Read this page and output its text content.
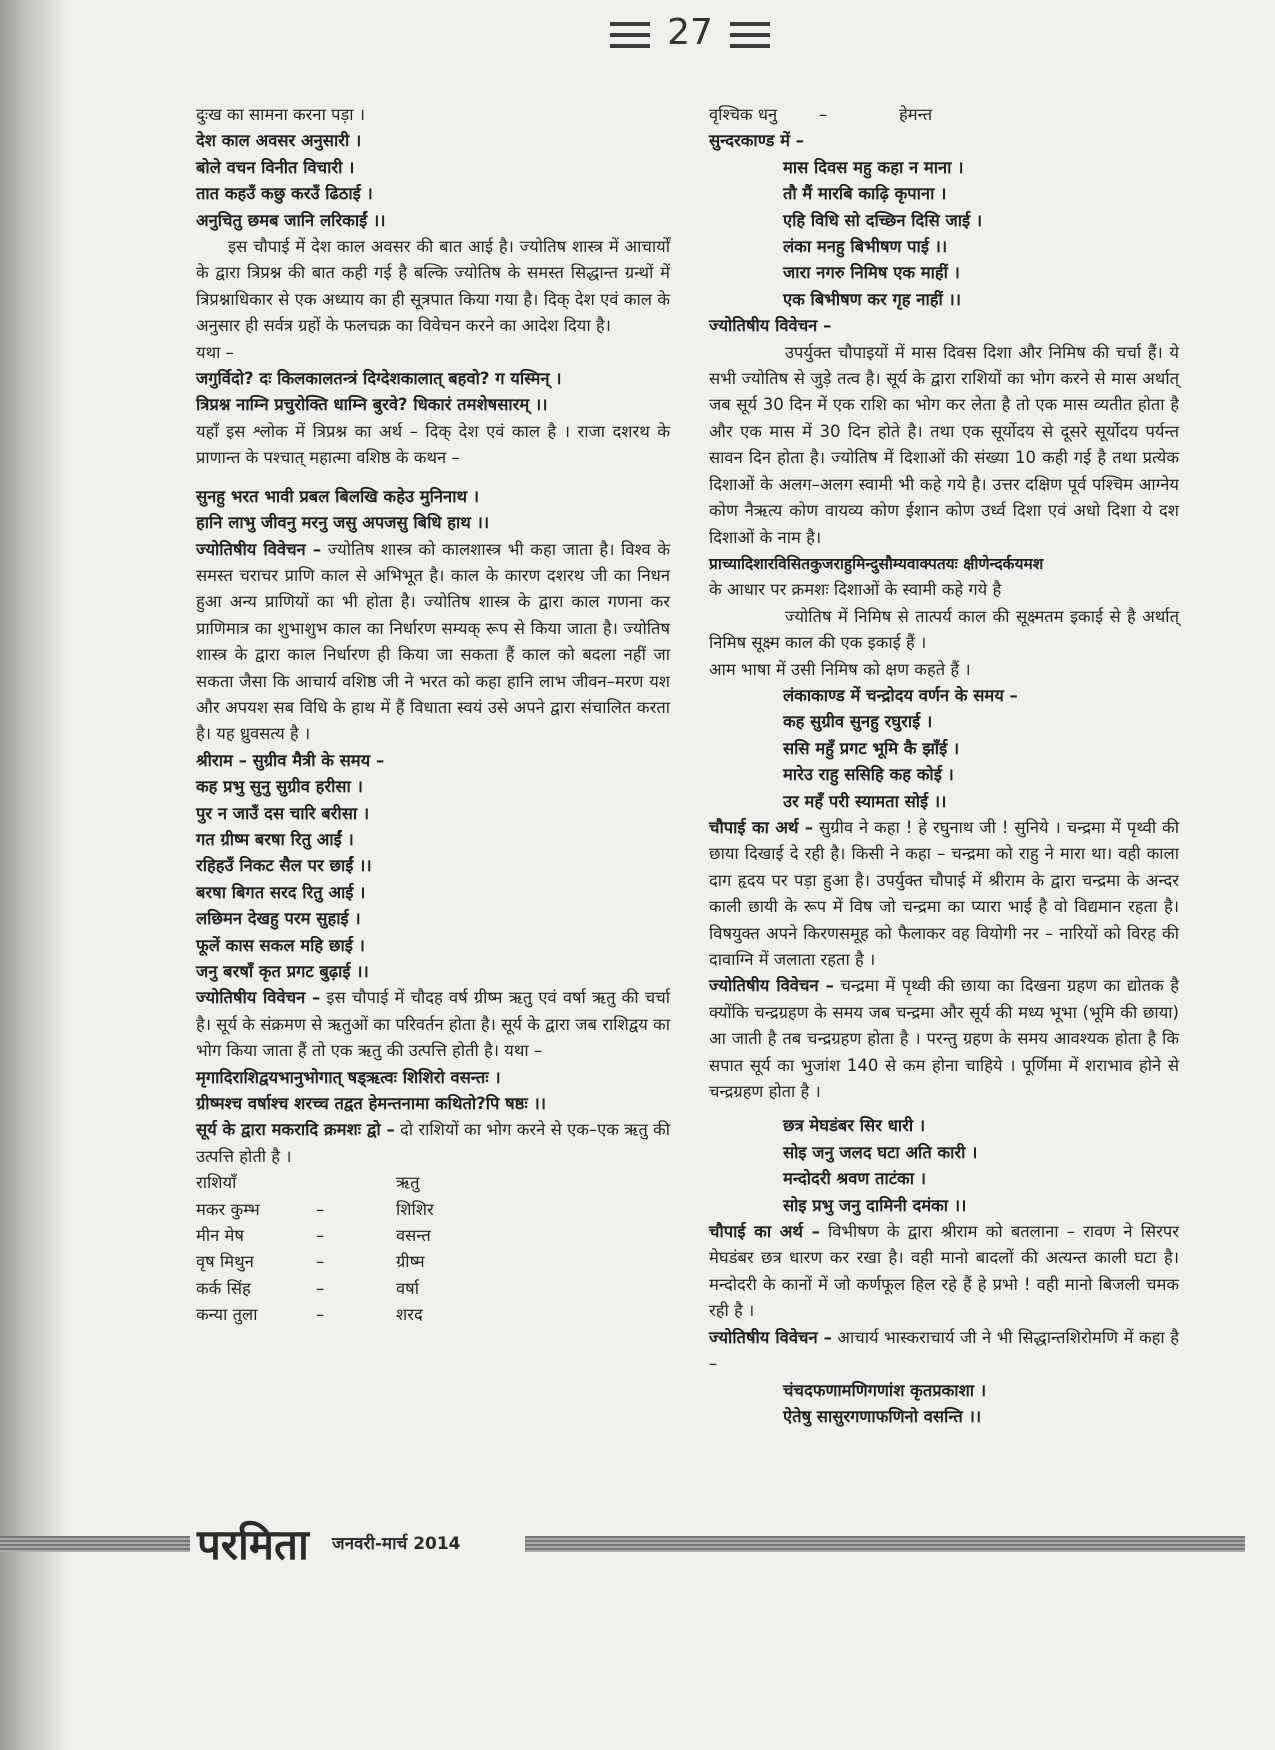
27

दुःख का सामना करना पड़ा ।

देश काल अवसर अनुसारी ।

बोले वचन विनीत विचारी ।

तात कहउँ कछु करउँ ढिठाई ।

अनुचितु छमब जानि लरिकाईं ।।

इस चौपाई में देश काल अवसर की बात आई है। ज्योतिष शास्त्र में आचार्यों के द्वारा त्रिप्रश्न की बात कही गई है बल्कि ज्योतिष के समस्त सिद्धान्त ग्रन्थों में त्रिप्रश्नाधिकार से एक अध्याय का ही सूत्रपात किया गया है। दिक् देश एवं काल के अनुसार ही सर्वत्र ग्रहों के फलचक्र का विवेचन करने का आदेश दिया है।

यथा –

जगुर्विदो? दः किलकालतन्त्रं दिग्देशकालात् बहवो? ग यस्मिन् ।

त्रिप्रश्न नाम्नि प्रचुरोक्ति धाम्नि बुरवे? धिकारं तमशेषसारम् ।।

यहाँ इस श्लोक में त्रिप्रश्न का अर्थ – दिक् देश एवं काल है । राजा दशरथ के प्राणान्त के पश्चात् महात्मा वशिष्ठ के कथन –

सुनहु भरत भावी प्रबल बिलखि कहेउ मुनिनाथ ।

हानि लाभु जीवनु मरनु जसु अपजसु बिधि हाथ ।।

ज्योतिषीय विवेचन – ज्योतिष शास्त्र को कालशास्त्र भी कहा जाता है। विश्व के समस्त चराचर प्राणि काल से अभिभूत है। काल के कारण दशरथ जी का निधन हुआ अन्य प्राणियों का भी होता है। ज्योतिष शास्त्र के द्वारा काल गणना कर प्राणिमात्र का शुभाशुभ काल का निर्धारण सम्यक् रूप से किया जाता है। ज्योतिष शास्त्र के द्वारा काल निर्धारण ही किया जा सकता हैं काल को बदला नहीं जा सकता जैसा कि आचार्य वशिष्ठ जी ने भरत को कहा हानि लाभ जीवन–मरण यश और अपयश सब विधि के हाथ में हैं विधाता स्वयं उसे अपने द्वारा संचालित करता है। यह ध्रुवसत्य है ।

श्रीराम – सुग्रीव मैत्री के समय –

कह प्रभु सुनु सुग्रीव हरीसा ।

पुर न जाउँ दस चारि बरीसा ।

गत ग्रीष्म बरषा रितु आईं ।

रहिहउँ निकट सैल पर छाईं ।।

बरषा बिगत सरद रितु आई ।

लछिमन देखहु परम सुहाई ।

फूलें कास सकल महि छाई ।

जनु बरषाँ कृत प्रगट बुढ़ाई ।।

ज्योतिषीय विवेचन – इस चौपाई में चौदह वर्ष ग्रीष्म ऋतु एवं वर्षा ऋतु की चर्चा है। सूर्य के संक्रमण से ऋतुओं का परिवर्तन होता है। सूर्य के द्वारा जब राशिद्वय का भोग किया जाता हैं तो एक ऋतु की उत्पत्ति होती है। यथा –

मृगादिराशिद्वयभानुभोगात् षड्ऋत्वः शिशिरो वसन्तः ।

ग्रीष्मश्च वर्षाश्च शरच्च तद्वत हेमन्तनामा कथितो?पि षष्ठः ।।

सूर्य के द्वारा मकरादि क्रमशः द्वो – दो राशियों का भोग करने से एक–एक ऋतु की उत्पत्ति होती है ।

राशियाँ	ऋतु
मकर कुम्भ	–	शिशिर
मीन मेष	–	वसन्त
वृष मिथुन	–	ग्रीष्म
कर्क सिंह	–	वर्षा
कन्या तुला	–	शरद
वृश्चिक धनु	–	हेमन्त

सुन्दरकाण्ड में –

मास दिवस महु कहा न माना ।

तौ मैं मारबि काढ़ि कृपाना ।

एहि विधि सो दच्छिन दिसि जाई ।

लंका मनहु बिभीषण पाई ।।

जारा नगरु निमिष एक माहीं ।

एक बिभीषण कर गृह नाहीं ।।

ज्योतिषीय विवेचन –

उपर्युक्त चौपाइयों में मास दिवस दिशा और निमिष की चर्चा हैं। ये सभी ज्योतिष से जुड़े तत्व है। सूर्य के द्वारा राशियों का भोग करने से मास अर्थात् जब सूर्य 30 दिन में एक राशि का भोग कर लेता है तो एक मास व्यतीत होता है और एक मास में 30 दिन होते है। तथा एक सूर्योदय से दूसरे सूर्योदय पर्यन्त सावन दिन होता है। ज्योतिष में दिशाओं की संख्या 10 कही गई है तथा प्रत्येक दिशाओं के अलग–अलग स्वामी भी कहे गये है। उत्तर दक्षिण पूर्व पश्चिम आग्नेय कोण नैऋत्य कोण वायव्य कोण ईशान कोण उर्ध्व दिशा एवं अधो दिशा ये दश दिशाओं के नाम है।

प्राच्यादिशारविसितकुजराहुमिन्दुसौम्यवाक्पतयः क्षीणेन्दर्कयमश

के आधार पर क्रमशः दिशाओं के स्वामी कहे गये है

ज्योतिष में निमिष से तात्पर्य काल की सूक्ष्मतम इकाई से है अर्थात् निमिष सूक्ष्म काल की एक इकाई हैं ।

आम भाषा में उसी निमिष को क्षण कहते हैं ।

लंकाकाण्ड में चन्द्रोदय वर्णन के समय –

कह सुग्रीव सुनहु रघुराई ।

ससि महुँ प्रगट भूमि कै झाँई ।

मारेउ राहु ससिहि कह कोई ।

उर महँ परी स्यामता सोई ।।

चौपाई का अर्थ – सुग्रीव ने कहा ! हे रघुनाथ जी ! सुनिये । चन्द्रमा में पृथ्वी की छाया दिखाई दे रही है। किसी ने कहा – चन्द्रमा को राहु ने मारा था। वही काला दाग हृदय पर पड़ा हुआ है। उपर्युक्त चौपाई में श्रीराम के द्वारा चन्द्रमा के अन्दर काली छायी के रूप में विष जो चन्द्रमा का प्यारा भाई है वो विद्यमान रहता है। विषयुक्त अपने किरणसमूह को फैलाकर वह वियोगी नर – नारियों को विरह की दावाग्नि में जलाता रहता है ।

ज्योतिषीय विवेचन – चन्द्रमा में पृथ्वी की छाया का दिखना ग्रहण का द्योतक है क्योंकि चन्द्रग्रहण के समय जब चन्द्रमा और सूर्य की मध्य भूभा (भूमि की छाया) आ जाती है तब चन्द्रग्रहण होता है । परन्तु ग्रहण के समय आवश्यक होता है कि सपात सूर्य का भुजांश 140 से कम होना चाहिये । पूर्णिमा में शराभाव होने से चन्द्रग्रहण होता है ।

छत्र मेघडंबर सिर धारी ।

सोइ जनु जलद घटा अति कारी ।

मन्दोदरी श्रवण ताटंका ।

सोइ प्रभु जनु दामिनी दमंका ।।

चौपाई का अर्थ – विभीषण के द्वारा श्रीराम को बतलाना – रावण ने सिरपर मेघडंबर छत्र धारण कर रखा है। वही मानो बादलों की अत्यन्त काली घटा है। मन्दोदरी के कानों में जो कर्णफूल हिल रहे हैं हे प्रभो ! वही मानो बिजली चमक रही है ।

ज्योतिषीय विवेचन – आचार्य भास्कराचार्य जी ने भी सिद्धान्तशिरोमणि में कहा है –

चंचदफणामणिगणांश कृतप्रकाशा ।

ऐतेषु सासुरगणाफणिनो वसन्ति ।।

परमिता जनवरी-मार्च 2014
